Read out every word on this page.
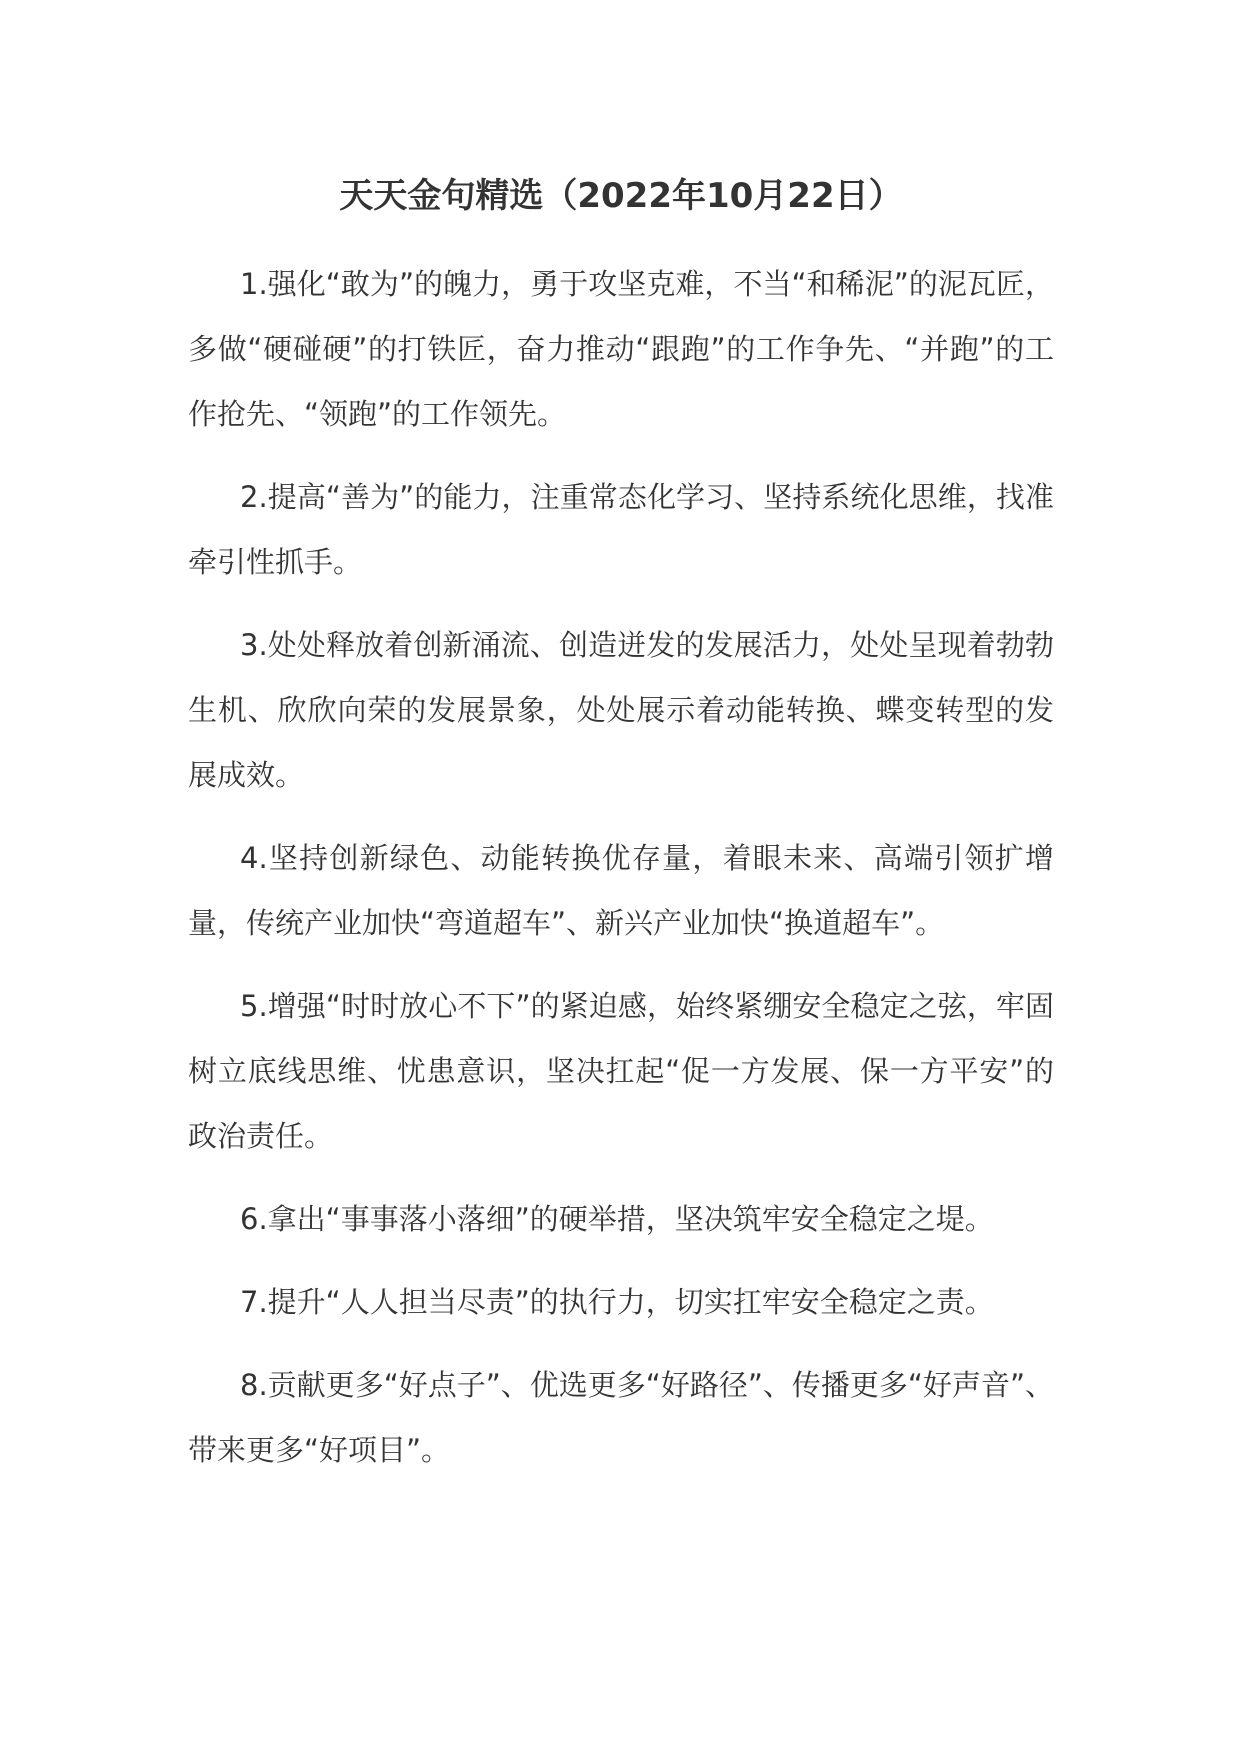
天天金句精选（2022年10月22日）
1.强化“敢为”的魄力，勇于攻坚克难，不当“和稀泥”的泥瓦匠，多做“硬碰硬”的打铁匠，奋力推动“跟跑”的工作争先、“并跑”的工作抢先、“领跑”的工作领先。
2.提高“善为”的能力，注重常态化学习、坚持系统化思维，找准牵引性抓手。
3.处处释放着创新涌流、创造迸发的发展活力，处处呈现着勃勃生机、欣欣向荣的发展景象，处处展示着动能转换、蝶变转型的发展成效。
4.坚持创新绿色、动能转换优存量，着眼未来、高端引领扩增量，传统产业加快“弯道超车”、新兴产业加快“换道超车”。
5.增强“时时放心不下”的紧迫感，始终紧绷安全稳定之弦，牢固树立底线思维、忧患意识，坚决扛起“促一方发展、保一方平安”的政治责任。
6.拿出“事事落小落细”的硬举措，坚决筑牢安全稳定之堤。
7.提升“人人担当尽责”的执行力，切实扛牢安全稳定之责。
8.贡献更多“好点子”、优选更多“好路径”、传播更多“好声音”、带来更多“好项目”。
